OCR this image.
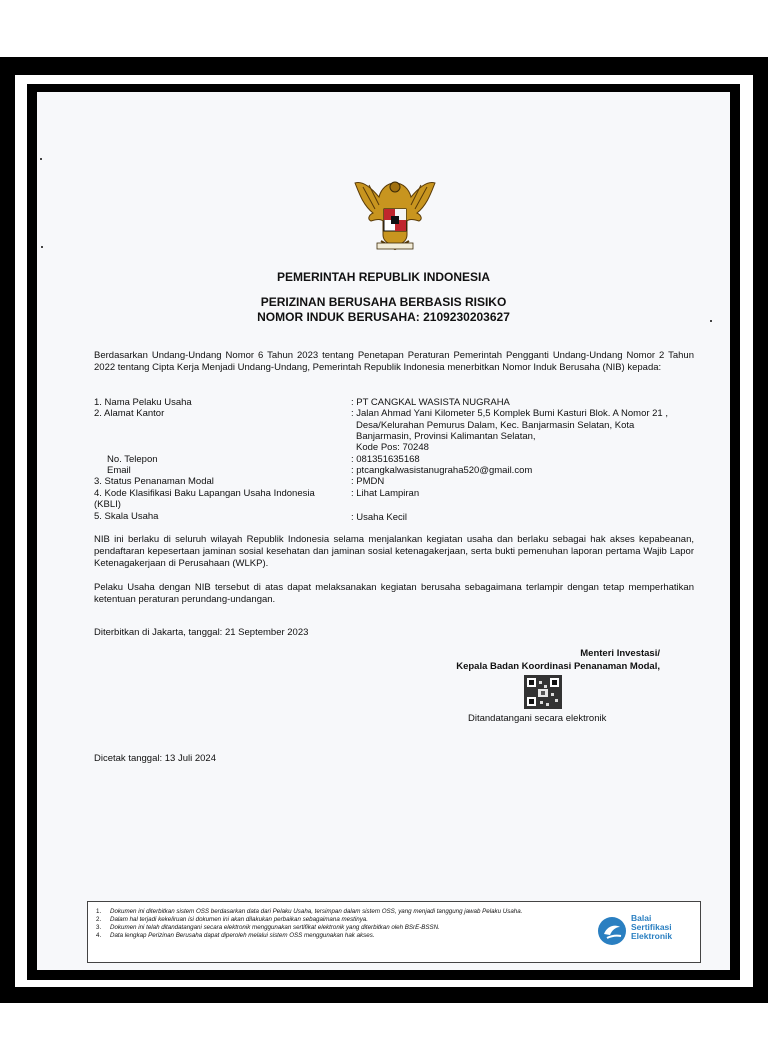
PEMERINTAH REPUBLIK INDONESIA
PERIZINAN BERUSAHA BERBASIS RISIKO
NOMOR INDUK BERUSAHA: 2109230203627
Berdasarkan Undang-Undang Nomor 6 Tahun 2023 tentang Penetapan Peraturan Pemerintah Pengganti Undang-Undang Nomor 2 Tahun 2022 tentang Cipta Kerja Menjadi Undang-Undang, Pemerintah Republik Indonesia menerbitkan Nomor Induk Berusaha (NIB) kepada:
1. Nama Pelaku Usaha	: PT CANGKAL WASISTA NUGRAHA
2. Alamat Kantor	: Jalan Ahmad Yani Kilometer 5,5 Komplek Bumi Kasturi Blok. A Nomor 21 ,
Desa/Kelurahan Pemurus Dalam, Kec. Banjarmasin Selatan, Kota
Banjarmasin, Provinsi Kalimantan Selatan,
Kode Pos: 70248
No. Telepon	: 081351635168
Email	: ptcangkalwasistanugraha520@gmail.com
3. Status Penanaman Modal	: PMDN
4. Kode Klasifikasi Baku Lapangan Usaha Indonesia
(KBLI)
: Lihat Lampiran
5. Skala Usaha	: Usaha Kecil
NIB ini berlaku di seluruh wilayah Republik Indonesia selama menjalankan kegiatan usaha dan berlaku sebagai hak akses kepabeanan, pendaftaran kepesertaan jaminan sosial kesehatan dan jaminan sosial ketenagakerjaan, serta bukti pemenuhan laporan pertama Wajib Lapor Ketenagakerjaan di Perusahaan (WLKP).
Pelaku Usaha dengan NIB tersebut di atas dapat melaksanakan kegiatan berusaha sebagaimana terlampir dengan tetap memperhatikan ketentuan peraturan perundang-undangan.
Diterbitkan di Jakarta, tanggal: 21 September 2023
Menteri Investasi/
Kepala Badan Koordinasi Penanaman Modal,
Ditandatangani secara elektronik
Dicetak tanggal: 13 Juli 2024
1.	Dokumen ini diterbitkan sistem OSS berdasarkan data dari Pelaku Usaha, tersimpan dalam sistem OSS, yang menjadi tanggung jawab Pelaku Usaha.
2.	Dalam hal terjadi kekeliruan isi dokumen ini akan dilakukan perbaikan sebagaimana mestinya.
3.	Dokumen ini telah ditandatangani secara elektronik menggunakan sertifikat elektronik yang diterbitkan oleh BSrE-BSSN.
4.	Data lengkap Perizinan Berusaha dapat diperoleh melalui sistem OSS menggunakan hak akses.
Balai
Sertifikasi
Elektronik
